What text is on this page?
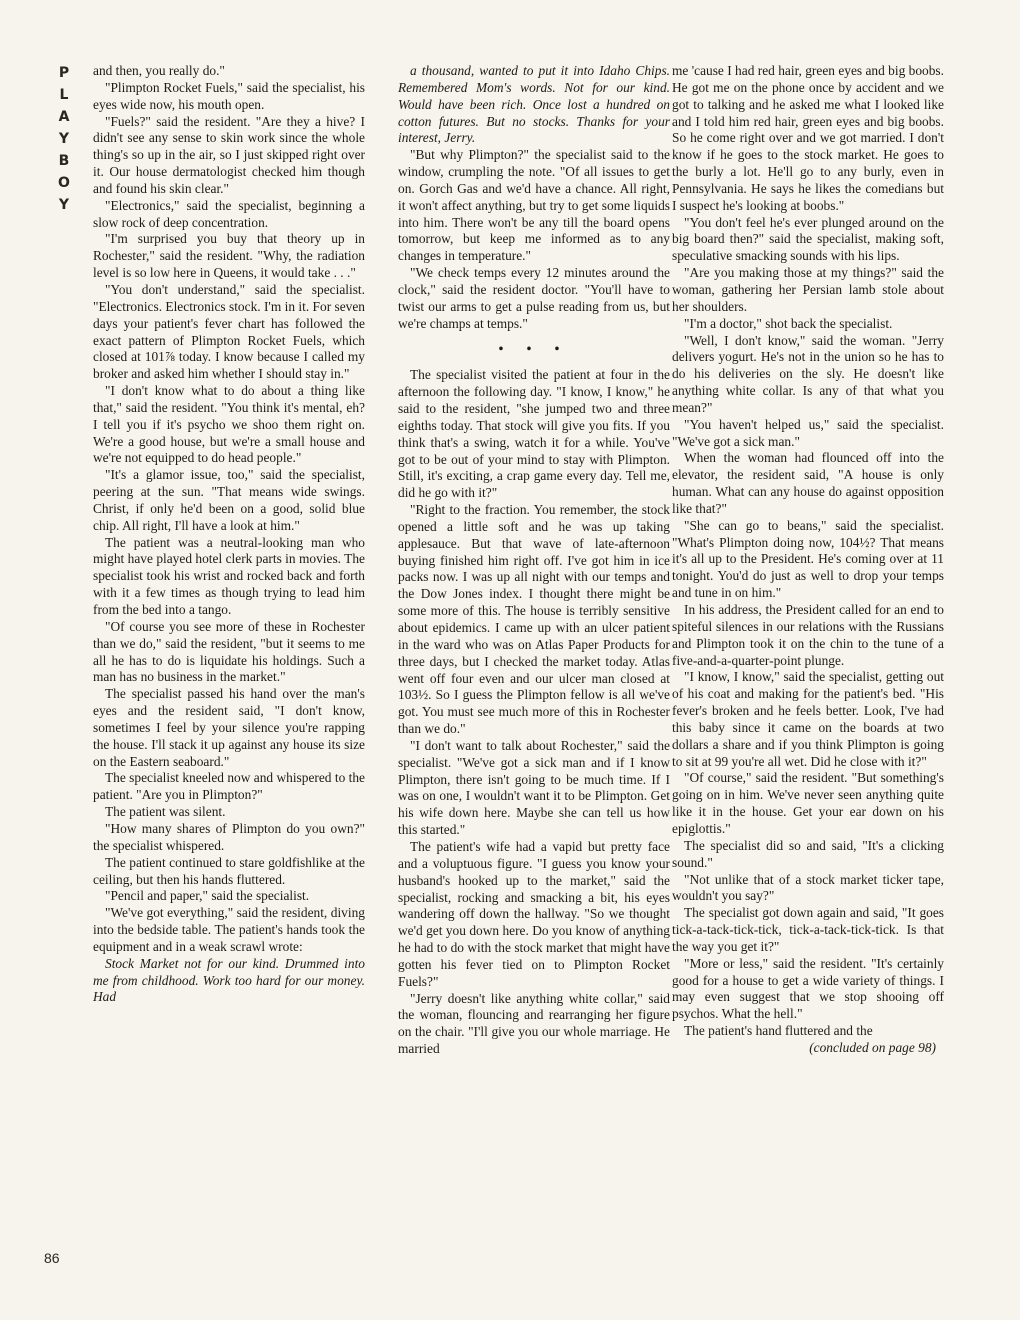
P
L
A
Y
B
O
Y

and then, you really do."

"Plimpton Rocket Fuels," said the specialist, his eyes wide now, his mouth open.

"Fuels?" said the resident. "Are they a hive? I didn't see any sense to skin work since the whole thing's so up in the air, so I just skipped right over it. Our house dermatologist checked him though and found his skin clear."

"Electronics," said the specialist, beginning a slow rock of deep concentration.

"I'm surprised you buy that theory up in Rochester," said the resident. "Why, the radiation level is so low here in Queens, it would take . . ."

"You don't understand," said the specialist. "Electronics. Electronics stock. I'm in it. For seven days your patient's fever chart has followed the exact pattern of Plimpton Rocket Fuels, which closed at 101⅞ today. I know because I called my broker and asked him whether I should stay in."

"I don't know what to do about a thing like that," said the resident. "You think it's mental, eh? I tell you if it's psycho we shoo them right on. We're a good house, but we're a small house and we're not equipped to do head people."

"It's a glamor issue, too," said the specialist, peering at the sun. "That means wide swings. Christ, if only he'd been on a good, solid blue chip. All right, I'll have a look at him."

The patient was a neutral-looking man who might have played hotel clerk parts in movies. The specialist took his wrist and rocked back and forth with it a few times as though trying to lead him from the bed into a tango.

"Of course you see more of these in Rochester than we do," said the resident, "but it seems to me all he has to do is liquidate his holdings. Such a man has no business in the market."

The specialist passed his hand over the man's eyes and the resident said, "I don't know, sometimes I feel by your silence you're rapping the house. I'll stack it up against any house its size on the Eastern seaboard."

The specialist kneeled now and whispered to the patient. "Are you in Plimpton?"

The patient was silent.

"How many shares of Plimpton do you own?" the specialist whispered.

The patient continued to stare goldfishlike at the ceiling, but then his hands fluttered.

"Pencil and paper," said the specialist.

"We've got everything," said the resident, diving into the bedside table. The patient's hands took the equipment and in a weak scrawl wrote:

Stock Market not for our kind. Drummed into me from childhood. Work too hard for our money. Had

a thousand, wanted to put it into Idaho Chips. Remembered Mom's words. Not for our kind. Would have been rich. Once lost a hundred on cotton futures. But no stocks. Thanks for your interest, Jerry.

"But why Plimpton?" the specialist said to the window, crumpling the note. "Of all issues to get on. Gorch Gas and we'd have a chance. All right, it won't affect anything, but try to get some liquids into him. There won't be any till the board opens tomorrow, but keep me informed as to any changes in temperature."

"We check temps every 12 minutes around the clock," said the resident doctor. "You'll have to twist our arms to get a pulse reading from us, but we're champs at temps."

• • •

The specialist visited the patient at four in the afternoon the following day. "I know, I know," he said to the resident, "she jumped two and three eighths today. That stock will give you fits. If you think that's a swing, watch it for a while. You've got to be out of your mind to stay with Plimpton. Still, it's exciting, a crap game every day. Tell me, did he go with it?"

"Right to the fraction. You remember, the stock opened a little soft and he was up taking applesauce. But that wave of late-afternoon buying finished him right off. I've got him in ice packs now. I was up all night with our temps and the Dow Jones index. I thought there might be some more of this. The house is terribly sensitive about epidemics. I came up with an ulcer patient in the ward who was on Atlas Paper Products for three days, but I checked the market today. Atlas went off four even and our ulcer man closed at 103½. So I guess the Plimpton fellow is all we've got. You must see much more of this in Rochester than we do."

"I don't want to talk about Rochester," said the specialist. "We've got a sick man and if I know Plimpton, there isn't going to be much time. If I was on one, I wouldn't want it to be Plimpton. Get his wife down here. Maybe she can tell us how this started."

The patient's wife had a vapid but pretty face and a voluptuous figure. "I guess you know your husband's hooked up to the market," said the specialist, rocking and smacking a bit, his eyes wandering off down the hallway. "So we thought we'd get you down here. Do you know of anything he had to do with the stock market that might have gotten his fever tied on to Plimpton Rocket Fuels?"

"Jerry doesn't like anything white collar," said the woman, flouncing and rearranging her figure on the chair. "I'll give you our whole marriage. He married

me 'cause I had red hair, green eyes and big boobs. He got me on the phone once by accident and we got to talking and he asked me what I looked like and I told him red hair, green eyes and big boobs. So he come right over and we got married. I don't know if he goes to the stock market. He goes to the burly a lot. He'll go to any burly, even in Pennsylvania. He says he likes the comedians but I suspect he's looking at boobs."

"You don't feel he's ever plunged around on the big board then?" said the specialist, making soft, speculative smacking sounds with his lips.

"Are you making those at my things?" said the woman, gathering her Persian lamb stole about her shoulders.

"I'm a doctor," shot back the specialist.

"Well, I don't know," said the woman. "Jerry delivers yogurt. He's not in the union so he has to do his deliveries on the sly. He doesn't like anything white collar. Is any of that what you mean?"

"You haven't helped us," said the specialist. "We've got a sick man."

When the woman had flounced off into the elevator, the resident said, "A house is only human. What can any house do against opposition like that?"

"She can go to beans," said the specialist. "What's Plimpton doing now, 104½? That means it's all up to the President. He's coming over at 11 tonight. You'd do just as well to drop your temps and tune in on him."

In his address, the President called for an end to spiteful silences in our relations with the Russians and Plimpton took it on the chin to the tune of a five-and-a-quarter-point plunge.

"I know, I know," said the specialist, getting out of his coat and making for the patient's bed. "His fever's broken and he feels better. Look, I've had this baby since it came on the boards at two dollars a share and if you think Plimpton is going to sit at 99 you're all wet. Did he close with it?"

"Of course," said the resident. "But something's going on in him. We've never seen anything quite like it in the house. Get your ear down on his epiglottis."

The specialist did so and said, "It's a clicking sound."

"Not unlike that of a stock market ticker tape, wouldn't you say?"

The specialist got down again and said, "It goes tick-a-tack-tick-tick, tick-a-tack-tick-tick. Is that the way you get it?"

"More or less," said the resident. "It's certainly good for a house to get a wide variety of things. I may even suggest that we stop shooing off psychos. What the hell."

The patient's hand fluttered and the

(concluded on page 98)

86
